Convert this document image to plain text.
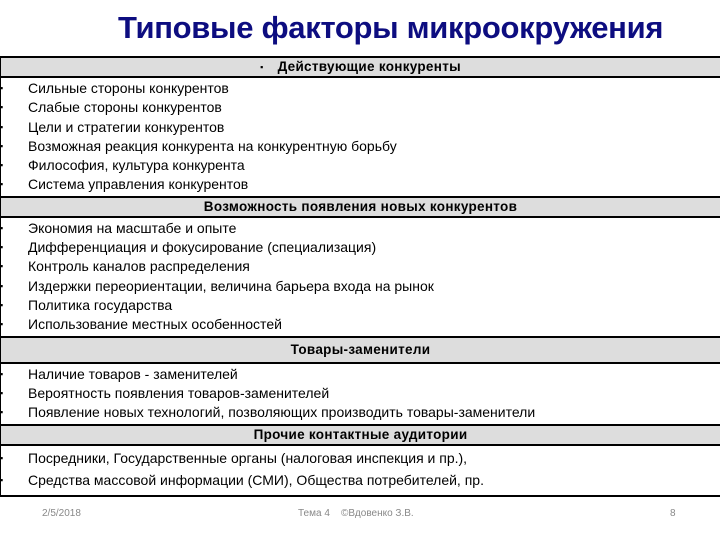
Типовые факторы микроокружения
▪ Действующие конкуренты
▪ Сильные стороны конкурентов
▪ Слабые стороны конкурентов
▪ Цели и стратегии конкурентов
▪ Возможная реакция конкурента на конкурентную борьбу
▪ Философия, культура конкурента
▪ Система управления конкурентов
Возможность появления новых конкурентов
▪ Экономия на масштабе и опыте
▪ Дифференциация и фокусирование (специализация)
▪ Контроль каналов распределения
▪ Издержки переориентации, величина барьера входа на рынок
▪ Политика государства
▪ Использование местных особенностей
Товары-заменители
▪ Наличие товаров - заменителей
▪ Вероятность появления товаров-заменителей
▪ Появление новых технологий, позволяющих производить товары-заменители
Прочие контактные аудитории
▪ Посредники, Государственные органы (налоговая инспекция и пр.),
▪ Средства массовой информации (СМИ), Общества потребителей, пр.
2/5/2018	Тема 4    ©Вдовенко З.В.	8
